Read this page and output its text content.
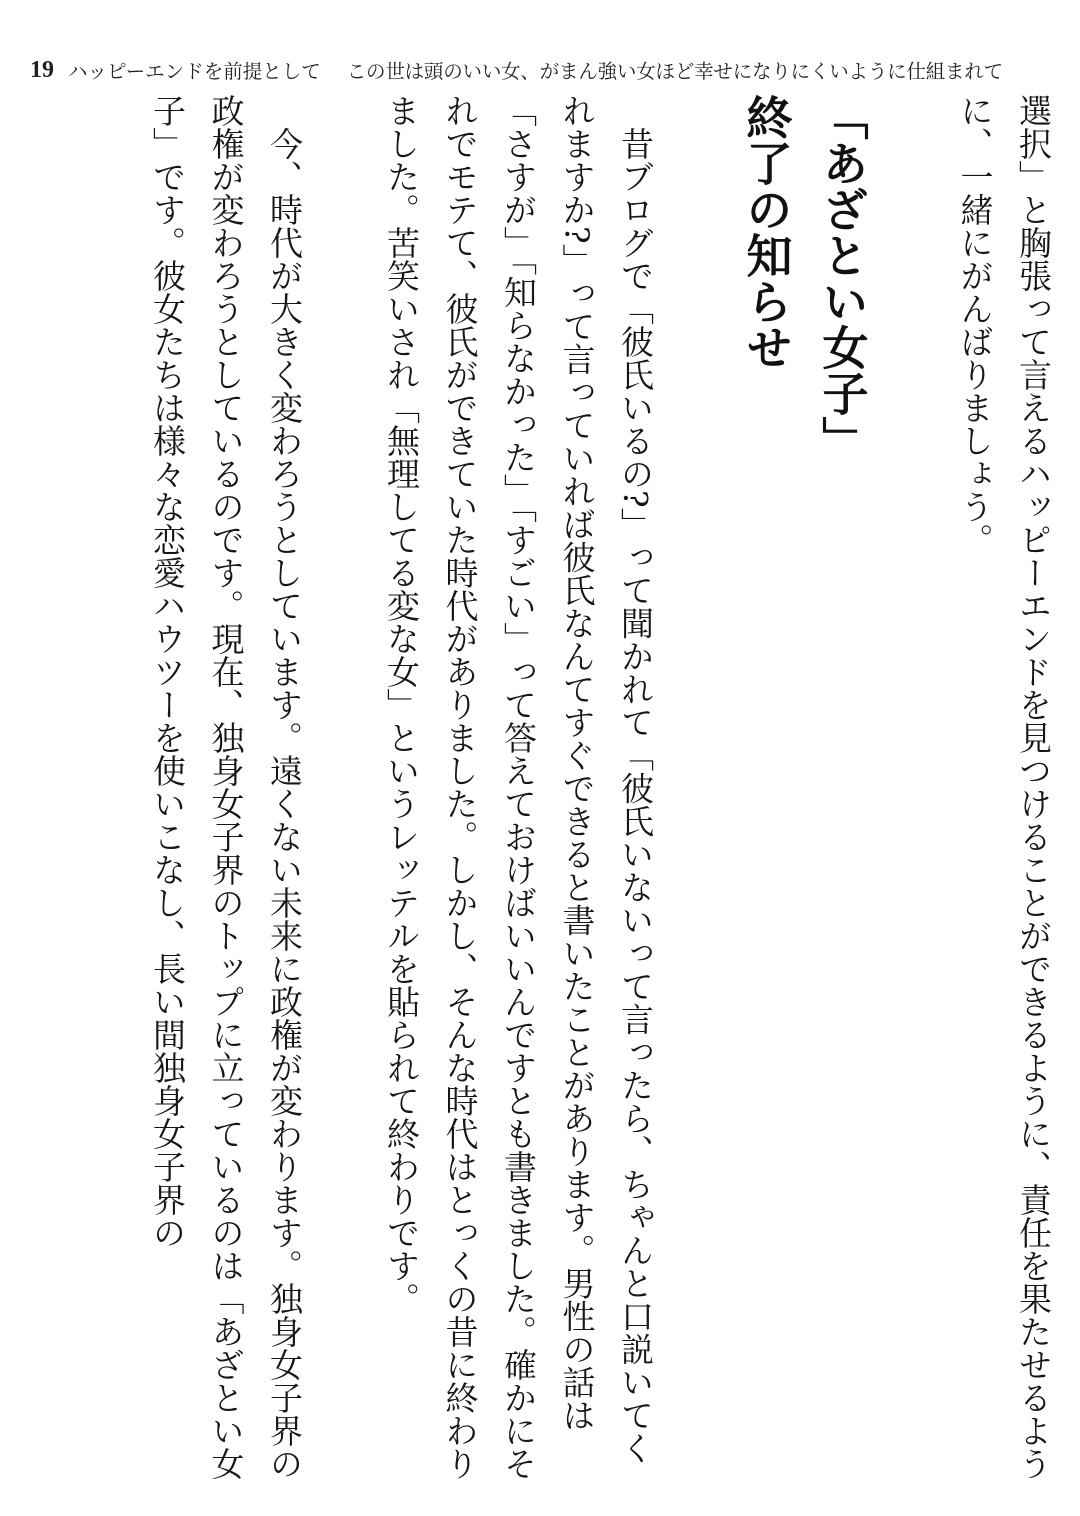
19 ハッピーエンドを前提として この世は頭のいい女、がまん強い女ほど幸せになりにくいように仕組まれて

選択」と胸張って言えるハッピーエンドを見つけることができるように、責任を果たせるように、一緒にがんばりましょう。

「あざとい女子」
終了の知らせ

昔ブログで「彼氏いるの?」って聞かれて「彼氏いないって言ったら、ちゃんと口説いてくれますか?」って言っていれば彼氏なんてすぐできると書いたことがあります。男性の話は「さすが」「知らなかった」「すごい」って答えておけばいいんですとも書きました。確かにそれでモテて、彼氏ができていた時代がありました。しかし、そんな時代はとっくの昔に終わりました。苦笑いされ「無理してる変な女」というレッテルを貼られて終わりです。

今、時代が大きく変わろうとしています。遠くない未来に政権が変わります。独身女子界の政権が変わろうとしているのです。現在、独身女子界のトップに立っているのは「あざとい女子」です。彼女たちは様々な恋愛ハウツーを使いこなし、長い間独身女子界の
